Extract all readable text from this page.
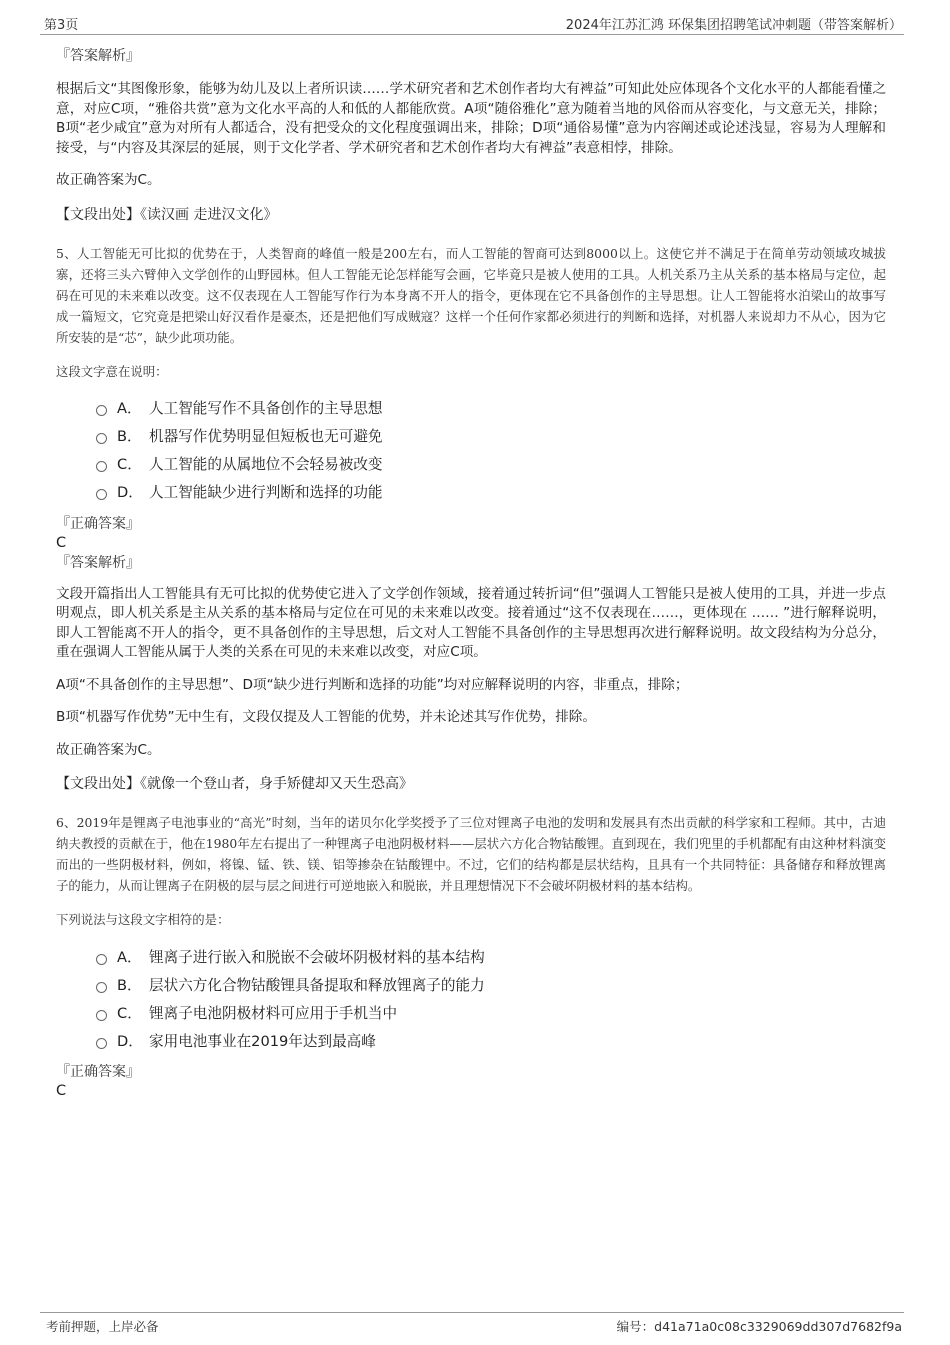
第3页	2024年江苏汇鸿 环保集团招聘笔试冲刺题（带答案解析）
『答案解析』

根据后文“其图像形象，能够为幼儿及以上者所识读……学术研究者和艺术创作者均大有裨益”可知此处应体现各个文化水平的人都能看懂之意，对应C项，“雅俗共赏”意为文化水平高的人和低的人都能欣赏。A项“随俗雅化”意为随着当地的风俗而从容变化，与文意无关，排除；B项“老少咸宜”意为对所有人都适合，没有把受众的文化程度强调出来，排除；D项“通俗易懂”意为内容阐述或论述浅显，容易为人理解和接受，与“内容及其深层的延展，则于文化学者、学术研究者和艺术创作者均大有裨益”表意相悖，排除。

故正确答案为C。

【文段出处】《读汉画 走进汉文化》

5、人工智能无可比拟的优势在于，人类智商的峰值一般是200左右，而人工智能的智商可达到8000以上。这使它并不满足于在简单劳动领域攻城拔寨，还将三头六臂伸入文学创作的山野园林。但人工智能无论怎样能写会画，它毕竟只是被人使用的工具。人机关系乃主从关系的基本格局与定位，起码在可见的未来难以改变。这不仅表现在人工智能写作行为本身离不开人的指令，更体现在它不具备创作的主导思想。让人工智能将水泊梁山的故事写成一篇短文，它究竟是把梁山好汉看作是豪杰，还是把他们写成贼寇？这样一个任何作家都必须进行的判断和选择，对机器人来说却力不从心，因为它所安装的是“芯”，缺少此项功能。

这段文字意在说明：

A． 人工智能写作不具备创作的主导思想
B． 机器写作优势明显但短板也无可避免
C． 人工智能的从属地位不会轻易被改变
D． 人工智能缺少进行判断和选择的功能
『正确答案』
C
『答案解析』

文段开篇指出人工智能具有无可比拟的优势使它进入了文学创作领域，接着通过转折词“但”强调人工智能只是被人使用的工具，并进一步点明观点，即人机关系是主从关系的基本格局与定位在可见的未来难以改变。接着通过“这不仅表现在……，更体现在 …… ”进行解释说明，即人工智能离不开人的指令，更不具备创作的主导思想，后文对人工智能不具备创作的主导思想再次进行解释说明。故文段结构为分总分，重在强调人工智能从属于人类的关系在可见的未来难以改变，对应C项。

A项“不具备创作的主导思想”、D项“缺少进行判断和选择的功能”均对应解释说明的内容，非重点，排除；

B项“机器写作优势”无中生有，文段仅提及人工智能的优势，并未论述其写作优势，排除。

故正确答案为C。

【文段出处】《就像一个登山者，身手矫健却又天生恐高》

6、2019年是锂离子电池事业的“高光”时刻，当年的诺贝尔化学奖授予了三位对锂离子电池的发明和发展具有杰出贡献的科学家和工程师。其中，古迪纳夫教授的贡献在于，他在1980年左右提出了一种锂离子电池阴极材料——层状六方化合物钴酸锂。直到现在，我们兜里的手机都配有由这种材料演变而出的一些阴极材料，例如，将镍、锰、铁、镁、铝等掺杂在钴酸锂中。不过，它们的结构都是层状结构，且具有一个共同特征：具备储存和释放锂离子的能力，从而让锂离子在阴极的层与层之间进行可逆地嵌入和脱嵌，并且理想情况下不会破坏阴极材料的基本结构。

下列说法与这段文字相符的是：

A． 锂离子进行嵌入和脱嵌不会破坏阴极材料的基本结构
B． 层状六方化合物钴酸锂具备提取和释放锂离子的能力
C． 锂离子电池阴极材料可应用于手机当中
D． 家用电池事业在2019年达到最高峰
『正确答案』
C
考前押题，上岸必备	编号：d41a71a0c08c3329069dd307d7682f9a
